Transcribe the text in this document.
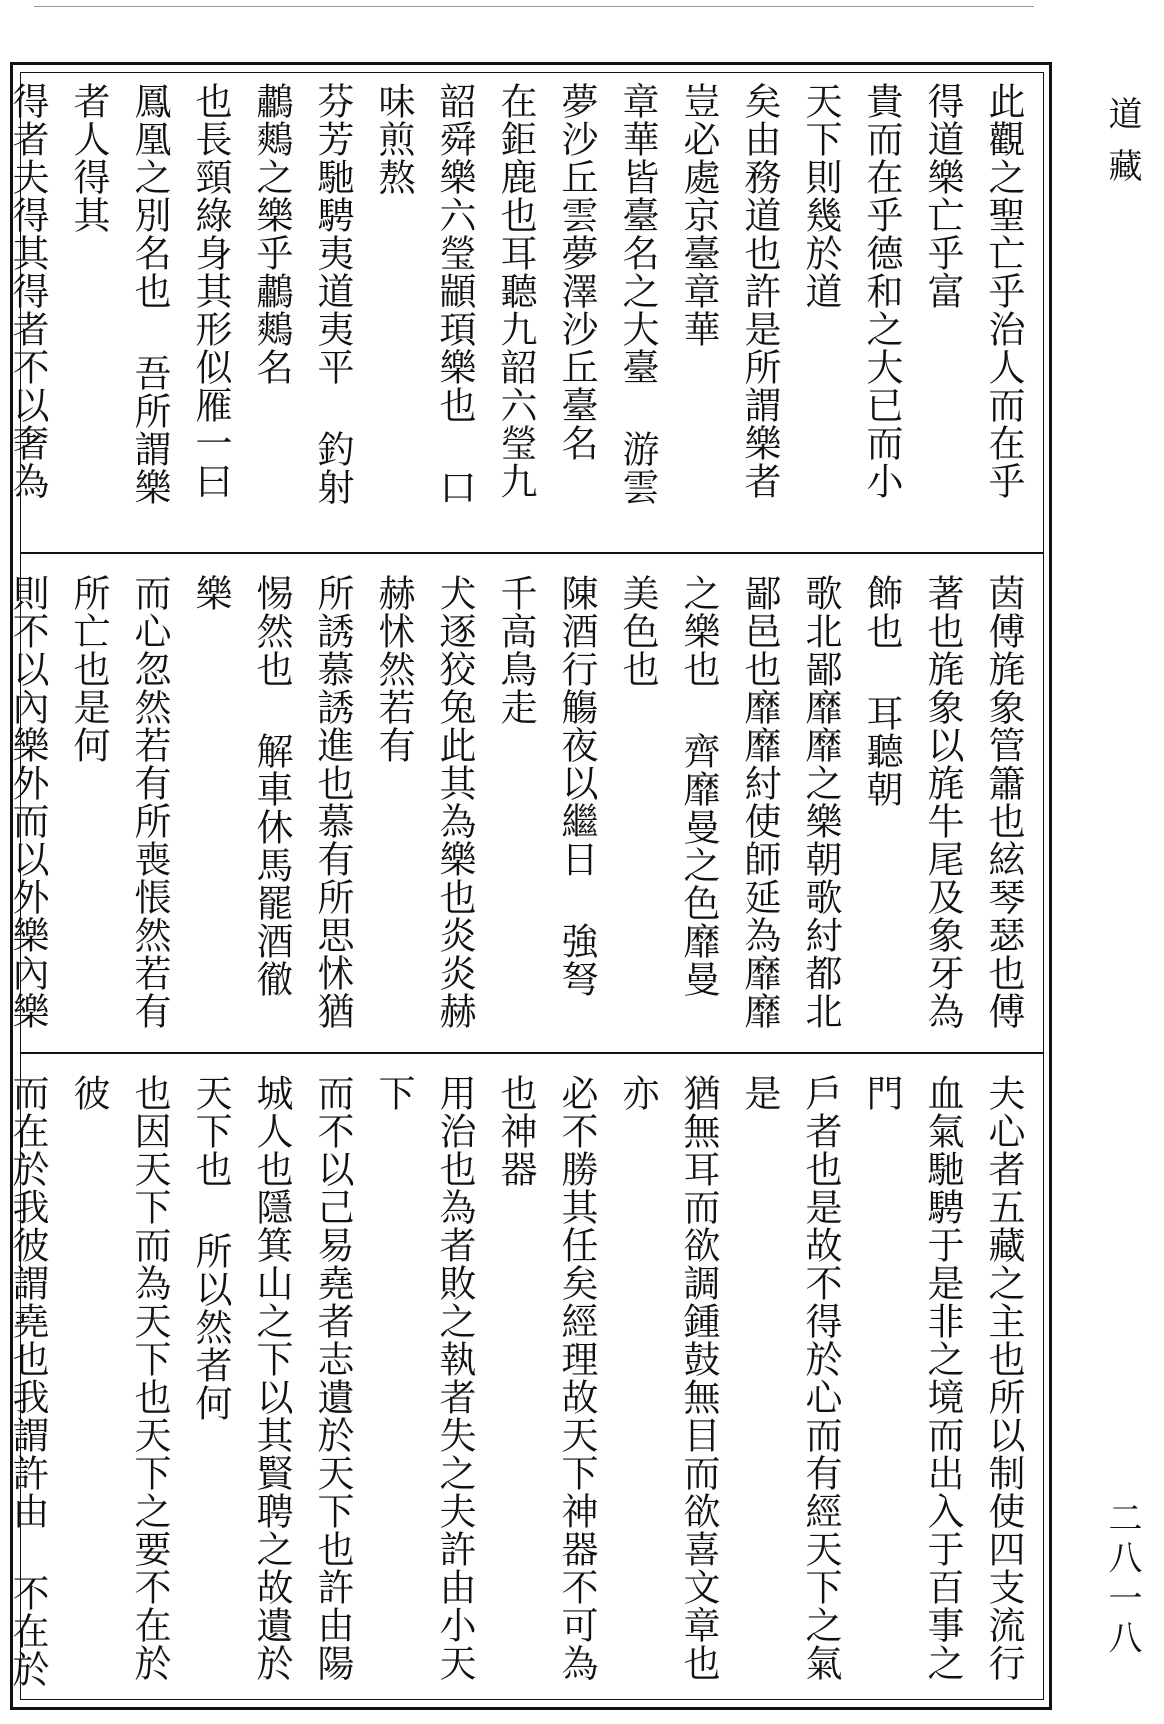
此觀之聖亡乎治人而在乎得道樂亡乎富
貴而在乎德和之大已而小天下則幾於道
矣由務道也許是所謂樂者豈必處京臺章華
章華皆臺名之大臺 游雲夢沙丘雲夢澤沙丘臺名
在鉅鹿也耳聽九韶六瑩九韶舜樂六瑩顓頊樂也 口味煎熬
芬芳馳騁夷道夷平 釣射鷫鷞之樂乎鷫鷞名
也長頸綠身其形似雁一曰鳳凰之別名也 吾所謂樂者人得其
得者夫得其得者不以奢為
茵傅旄象管簫也絃琴瑟也傅著也旄象以旄牛尾及象牙為飾也 耳聽朝
歌北鄙靡靡之樂朝歌紂都北鄙邑也靡靡紂使師延為靡靡之樂也 齊靡曼之色靡曼美色也
陳酒行觴夜以繼日 強弩千高鳥走
犬逐狡兔此其為樂也炎炎赫赫怵然若有
所誘慕誘進也慕有所思怵猶惕然也 解車休馬罷酒徹樂
而心忽然若有所喪悵然若有所亡也是何
則不以內樂外而以外樂內樂
夫心者五藏之主也所以制使四支流行
血氣馳騁于是非之境而出入于百事之門
戶者也是故不得於心而有經天下之氣是
猶無耳而欲調鍾鼓無目而欲喜文章也亦
必不勝其任矣經理故天下神器不可為也神器
用治也為者敗之執者失之夫許由小天下
而不以己易堯者志遺於天下也許由陽城人也隱箕山之下以其賢聘之故遺於天下也 所以然者何
也因天下而為天下也天下之要不在於彼
而在於我彼謂堯也我謂許由 不在於
道藏
二八一八
